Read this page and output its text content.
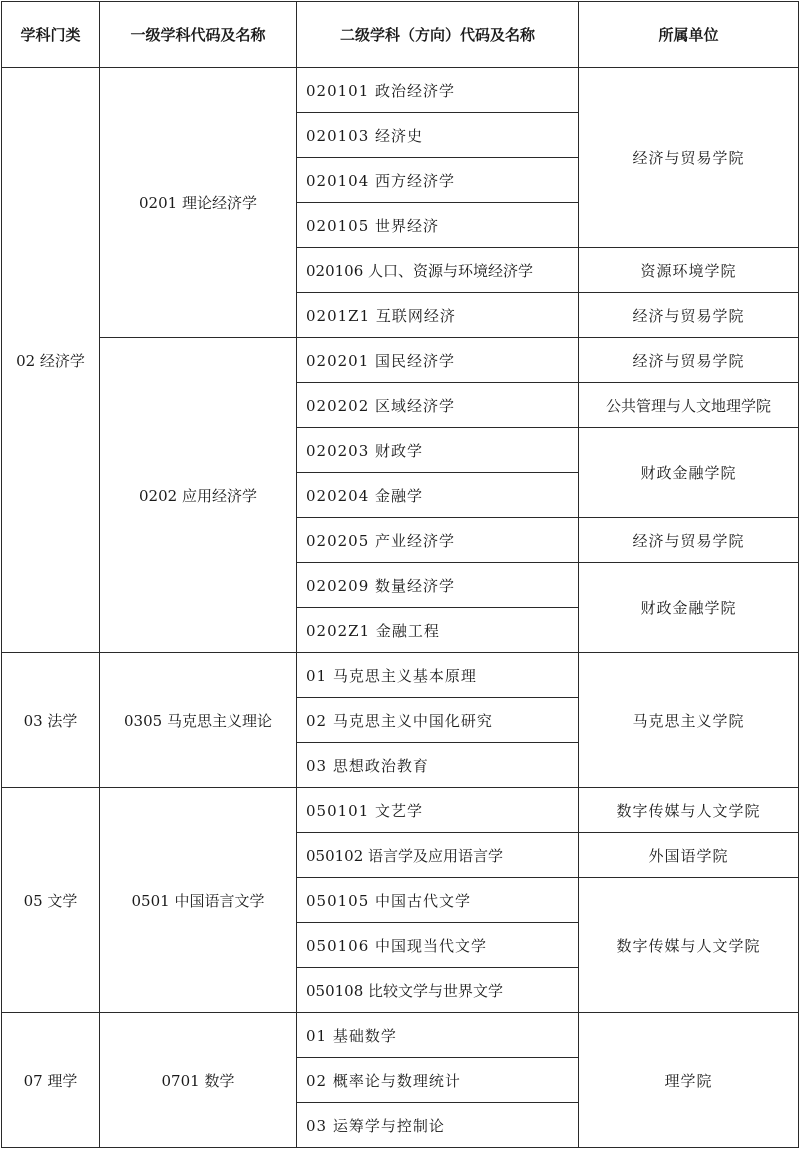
学科门类	一级学科代码及名称	二级学科（方向）代码及名称	所属单位
02 经济学	0201 理论经济学	020101 政治经济学	经济与贸易学院
		020103 经济史	
		020104 西方经济学	
		020105 世界经济	
		020106 人口、资源与环境经济学	资源环境学院
		0201Z1 互联网经济	经济与贸易学院
	0202 应用经济学	020201 国民经济学	经济与贸易学院
		020202 区域经济学	公共管理与人文地理学院
		020203 财政学	财政金融学院
		020204 金融学	
		020205 产业经济学	经济与贸易学院
		020209 数量经济学	财政金融学院
		0202Z1 金融工程	
03 法学	0305 马克思主义理论	01 马克思主义基本原理	马克思主义学院
		02 马克思主义中国化研究	
		03 思想政治教育	
05 文学	0501 中国语言文学	050101 文艺学	数字传媒与人文学院
		050102 语言学及应用语言学	外国语学院
		050105 中国古代文学	数字传媒与人文学院
		050106 中国现当代文学	
		050108 比较文学与世界文学	
07 理学	0701 数学	01 基础数学	理学院
		02 概率论与数理统计	
		03 运筹学与控制论	
